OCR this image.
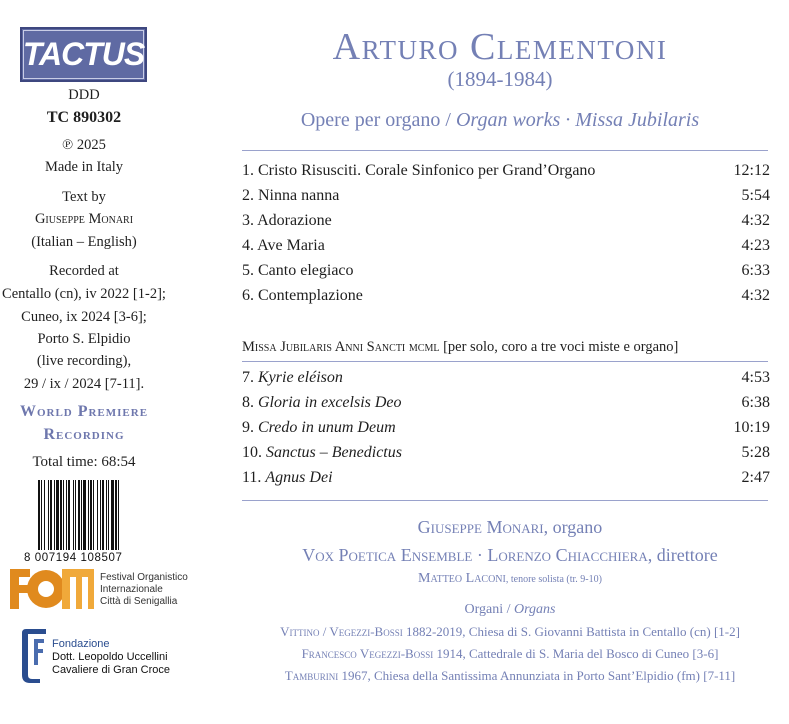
TACTUS
DDD
TC 890302
℗ 2025
Made in Italy
Text by
Giuseppe Monari
(Italian – English)
Recorded at
Centallo (cn), iv 2022 [1-2];
Cuneo, ix 2024 [3-6];
Porto S. Elpidio
(live recording),
29 / ix / 2024 [7-11].
World Premiere
Recording
Total time: 68:54
8 007194 108507
Festival Organistico
Internazionale
Città di Senigallia
Fondazione
Dott. Leopoldo Uccellini
Cavaliere di Gran Croce
Arturo Clementoni
(1894-1984)
Opere per organo / Organ works · Missa Jubilaris
1. Cristo Risusciti. Corale Sinfonico per Grand’Organo	12:12
2. Ninna nanna	5:54
3. Adorazione	4:32
4. Ave Maria	4:23
5. Canto elegiaco	6:33
6. Contemplazione	4:32
Missa Jubilaris Anni Sancti mcml [per solo, coro a tre voci miste e organo]
7. Kyrie eléison	4:53
8. Gloria in excelsis Deo	6:38
9. Credo in unum Deum	10:19
10. Sanctus – Benedictus	5:28
11. Agnus Dei	2:47
Giuseppe Monari, organo
Vox Poetica Ensemble · Lorenzo Chiacchiera, direttore
Matteo Laconi, tenore solista (tr. 9-10)
Organi / Organs
Vittino / Vegezzi-Bossi 1882-2019, Chiesa di S. Giovanni Battista in Centallo (cn) [1-2]
Francesco Vegezzi-Bossi 1914, Cattedrale di S. Maria del Bosco di Cuneo [3-6]
Tamburini 1967, Chiesa della Santissima Annunziata in Porto Sant’Elpidio (fm) [7-11]
